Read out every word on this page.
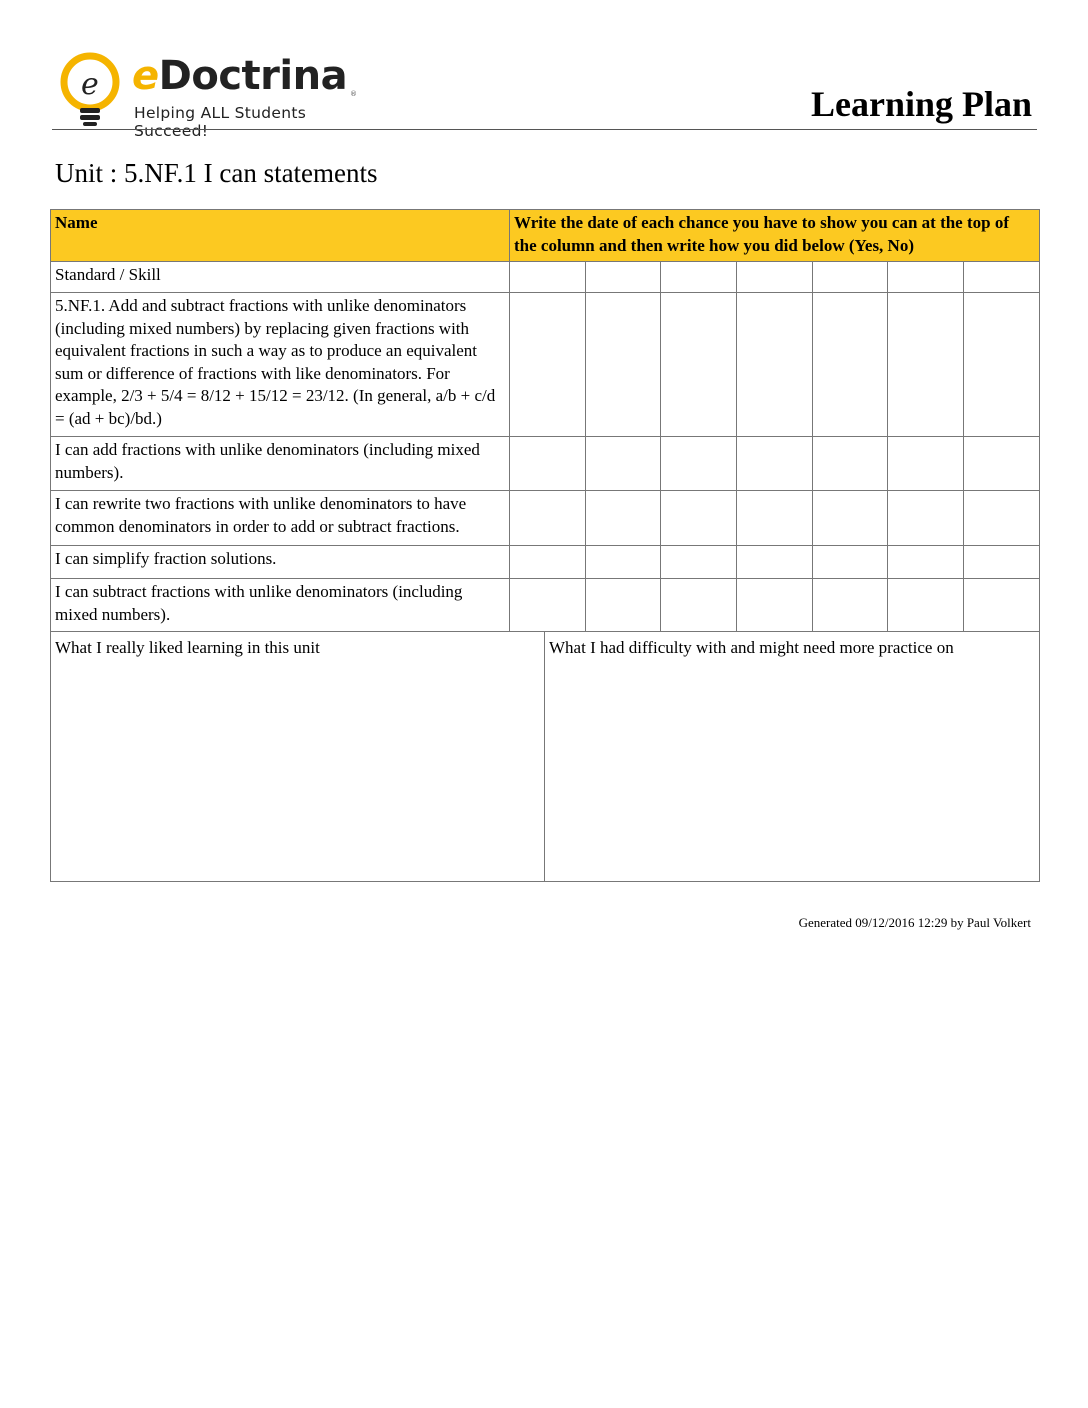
e eDoctrina ®
Helping ALL Students Succeed!
Learning Plan
Unit : 5.NF.1 I can statements
Name	Write the date of each chance you have to show you can at the top of the column and then write how you did below (Yes, No)						
Standard / Skill							
5.NF.1. Add and subtract fractions with unlike denominators (including mixed numbers) by replacing given fractions with equivalent fractions in such a way as to produce an equivalent sum or difference of fractions with like denominators. For example, 2/3 + 5/4 = 8/12 + 15/12 = 23/12. (In general, a/b + c/d = (ad + bc)/bd.)							
I can add fractions with unlike denominators (including mixed numbers).							
I can rewrite two fractions with unlike denominators to have common denominators in order to add or subtract fractions.							
I can simplify fraction solutions.							
I can subtract fractions with unlike denominators (including mixed numbers).							
What I really liked learning in this unit	What I had difficulty with and might need more practice on
Generated 09/12/2016 12:29 by Paul Volkert
